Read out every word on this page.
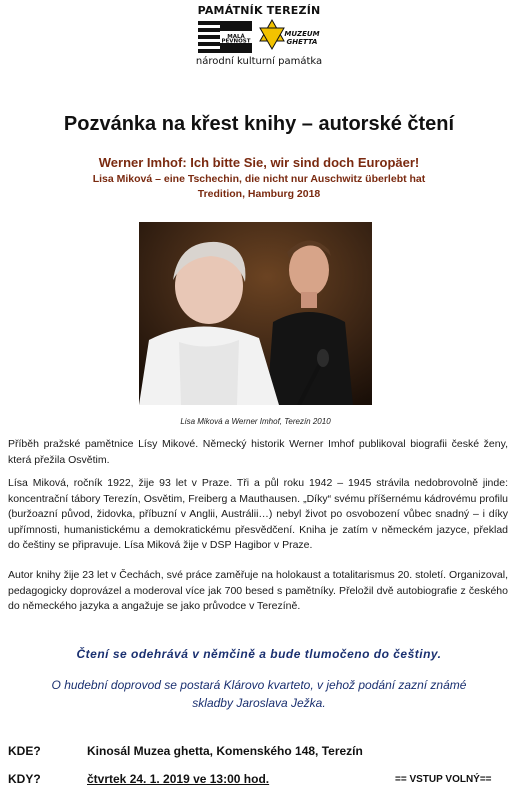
PAMÁTNÍK TEREZÍN
MALÁ
PEVNOST
MUZEUM
GHETTA
národní kulturní památka
Pozvánka na křest knihy – autorské čtení
Werner Imhof: Ich bitte Sie, wir sind doch Europäer!
Lisa Miková – eine Tschechin, die nicht nur Auschwitz überlebt hat
Tredition, Hamburg 2018
Lisa Miková a Werner Imhof, Terezín 2010
Příběh pražské pamětnice Lísy Mikové. Německý historik Werner Imhof publikoval biografii české ženy, která přežila Osvětim.
Lísa Miková, ročník 1922, žije 93 let v Praze. Tři a půl roku 1942 – 1945 strávila nedobrovolně jinde: koncentrační tábory Terezín, Osvětim, Freiberg a Mauthausen. „Díky“ svému příšernému kádrovému profilu (buržoazní původ, židovka, příbuzní v Anglii, Austrálii…) nebyl život po osvobození vůbec snadný – i díky upřímnosti, humanistickému a demokratickému přesvědčení. Kniha je zatím v německém jazyce, překlad do češtiny se připravuje. Lísa Miková žije v DSP Hagibor v Praze.
Autor knihy žije 23 let v Čechách, své práce zaměřuje na holokaust a totalitarismus 20. století. Organizoval, pedagogicky doprovázel a moderoval více jak 700 besed s pamětníky. Přeložil dvě autobiografie z českého do německého jazyka a angažuje se jako průvodce v Terezíně.
Čtení se odehrává v němčině a bude tlumočeno do češtiny.
O hudební doprovod se postará Klárovo kvarteto, v jehož podání zazní známé skladby Jaroslava Ježka.
KDE?	Kinosál Muzea ghetta, Komenského 148, Terezín
KDY?	čtvrtek 24. 1. 2019 ve 13:00 hod.	== VSTUP VOLNÝ==
